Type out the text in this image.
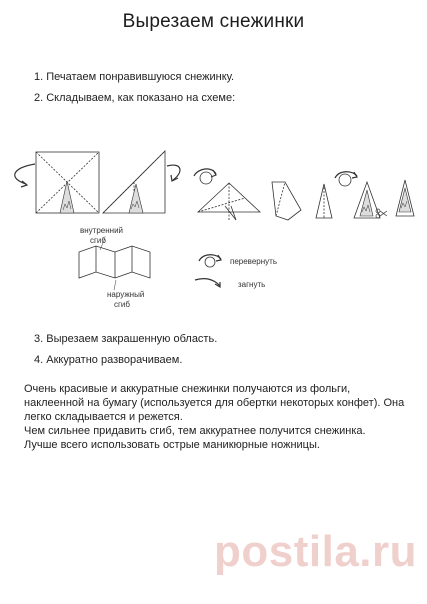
Вырезаем снежинки
1. Печатаем понравившуюся снежинку.
2. Складываем, как показано на схеме:
внутренний
сгиб
наружный
сгиб
перевернуть
загнуть
3. Вырезаем закрашенную область.
4. Аккуратно разворачиваем.
Очень красивые и аккуратные снежинки получаются из фольги,
наклеенной на бумагу (используется для обертки некоторых конфет). Она
легко складывается и режется.
Чем сильнее придавить сгиб, тем аккуратнее получится снежинка.
Лучше всего использовать острые маникюрные ножницы.
postila.ru
